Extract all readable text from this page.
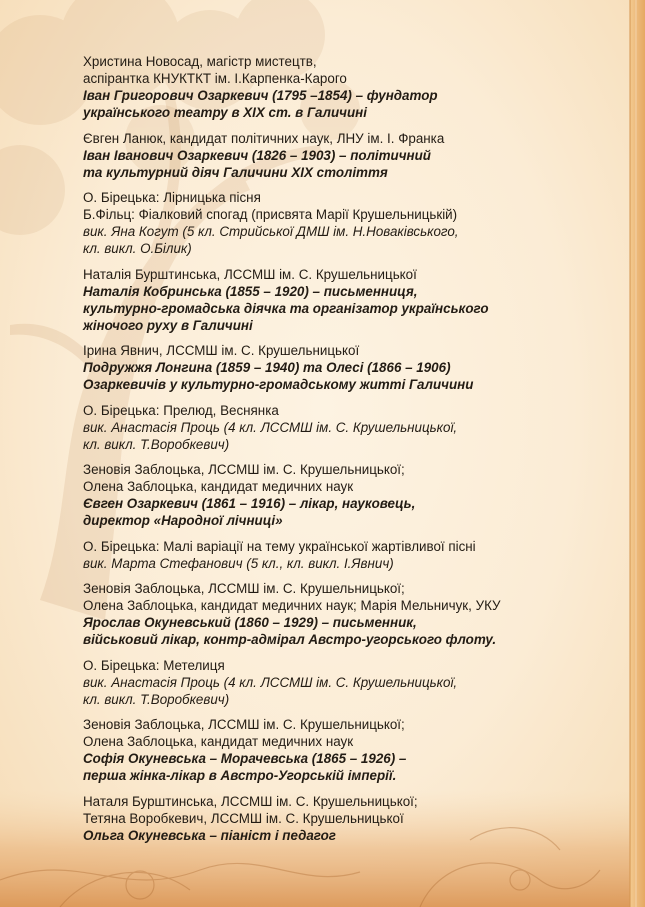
Христина Новосад, магістр мистецтв,
аспірантка КНУКТКТ ім. І.Карпенка-Карого
Іван Григорович Озаркевич (1795 –1854) – фундатор
українського театру в ХІХ ст. в Галичині
Євген Ланюк, кандидат політичних наук, ЛНУ ім. І. Франка
Іван Іванович Озаркевич (1826 – 1903) – політичний
та культурний діяч Галичини ХІХ століття
О. Бірецька: Лірницька пісня
Б.Фільц: Фіалковий спогад (присвята Марії Крушельницькій)
вик. Яна Когут (5 кл. Стрийської ДМШ ім. Н.Новаківського,
кл. викл. О.Білик)
Наталія Бурштинська, ЛССМШ ім. С. Крушельницької
Наталія Кобринська (1855 – 1920) – письменниця,
культурно-громадська діячка та організатор українського
жіночого руху в Галичині
Ірина Явнич, ЛССМШ ім. С. Крушельницької
Подружжя Лонгина (1859 – 1940) та Олесі (1866 – 1906)
Озаркевичів у культурно-громадському житті Галичини
О. Бірецька: Прелюд, Веснянка
вик. Анастасія Проць (4 кл. ЛССМШ ім. С. Крушельницької,
кл. викл. Т.Воробкевич)
Зеновія Заблоцька, ЛССМШ ім. С. Крушельницької;
Олена Заблоцька, кандидат медичних наук
Євген Озаркевич (1861 – 1916) – лікар, науковець,
директор «Народної лічниці»
О. Бірецька: Малі варіації на тему української жартівливої пісні
вик. Марта Стефанович (5 кл., кл. викл. І.Явнич)
Зеновія Заблоцька, ЛССМШ ім. С. Крушельницької;
Олена Заблоцька, кандидат медичних наук; Марія Мельничук, УКУ
Ярослав Окуневський (1860 – 1929) – письменник,
військовий лікар, контр-адмірал Австро-угорського флоту.
О. Бірецька: Метелиця
вик. Анастасія Проць (4 кл. ЛССМШ ім. С. Крушельницької,
кл. викл. Т.Воробкевич)
Зеновія Заблоцька, ЛССМШ ім. С. Крушельницької;
Олена Заблоцька, кандидат медичних наук
Софія Окуневська – Морачевська (1865 – 1926) –
перша жінка-лікар в Австро-Угорській імперії.
Наталя Бурштинська, ЛССМШ ім. С. Крушельницької;
Тетяна Воробкевич, ЛССМШ ім. С. Крушельницької
Ольга Окуневська – піаніст і педагог
